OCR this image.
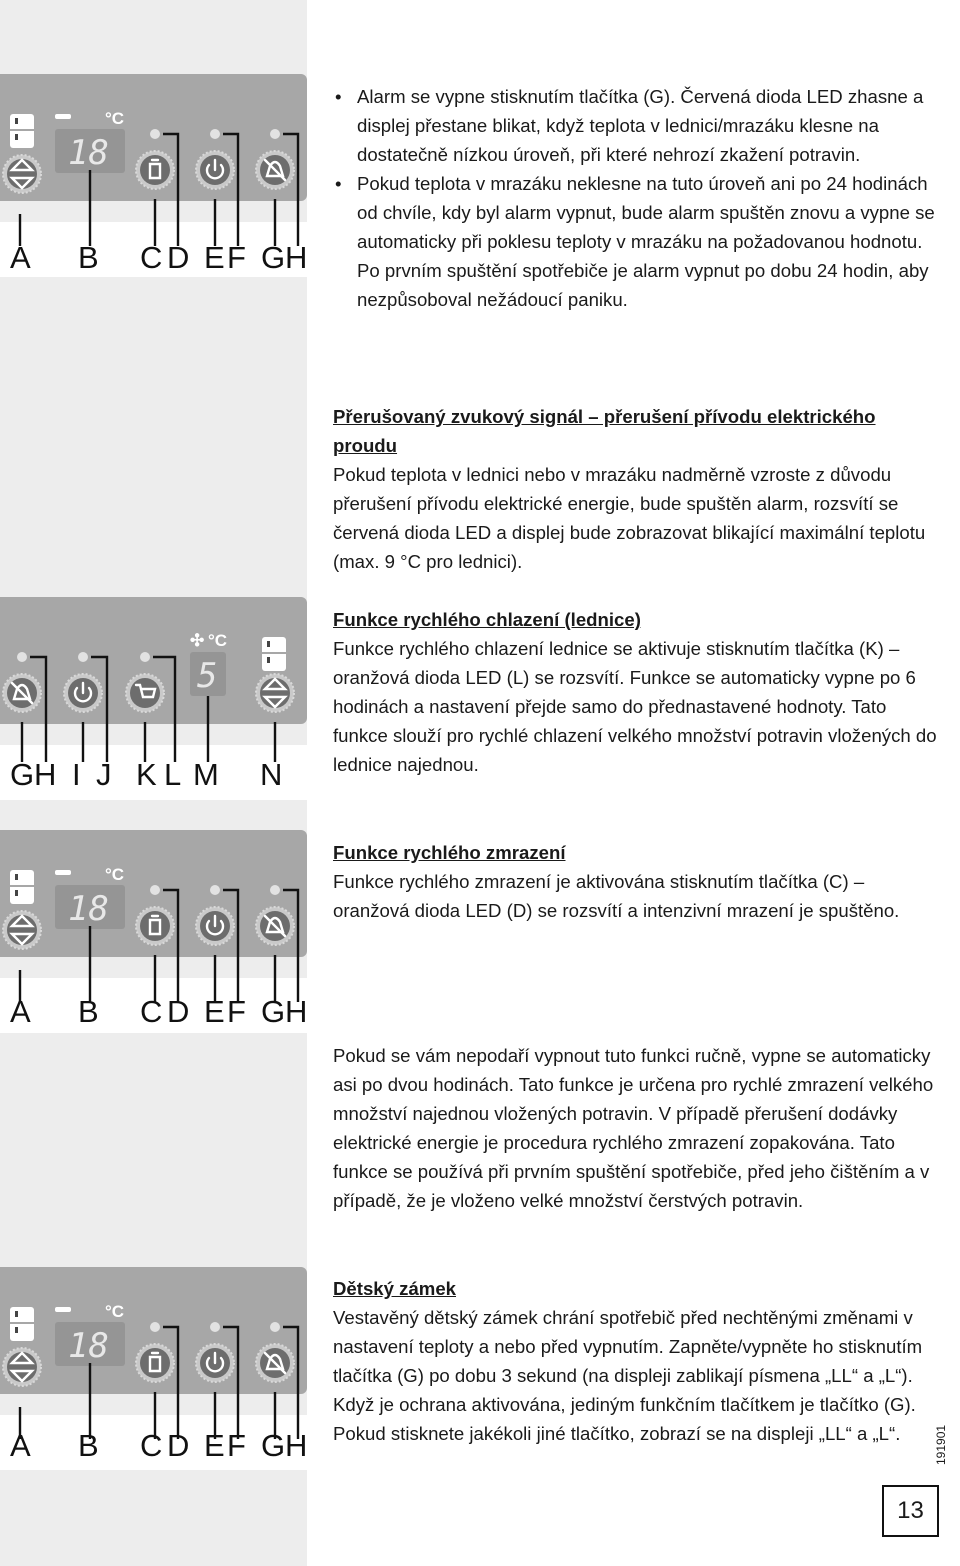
°C
18
A B C D E F G H
✣ °C
5
G H I J K L M N
°C
18
A B C D E F G H
°C
18
A B C D E F G H
• Alarm se vypne stisknutím tlačítka (G). Červená dioda LED zhasne a displej přestane blikat, když teplota v lednici/mrazáku klesne na dostatečně nízkou úroveň, při které nehrozí zkažení potravin.
• Pokud teplota v mrazáku neklesne na tuto úroveň ani po 24 hodinách od chvíle, kdy byl alarm vypnut, bude alarm spuštěn znovu a vypne se automaticky při poklesu teploty v mrazáku na požadovanou hodnotu. Po prvním spuštění spotřebiče je alarm vypnut po dobu 24 hodin, aby nezpůsoboval nežádoucí paniku.

Přerušovaný zvukový signál – přerušení přívodu elektrického proudu

Pokud teplota v lednici nebo v mrazáku nadměrně vzroste z důvodu přerušení přívodu elektrické energie, bude spuštěn alarm, rozsvítí se červená dioda LED a displej bude zobrazovat blikající maximální teplotu (max. 9 °C pro lednici).

Funkce rychlého chlazení (lednice)

Funkce rychlého chlazení lednice se aktivuje stisknutím tlačítka (K) – oranžová dioda LED (L) se rozsvítí. Funkce se automaticky vypne po 6 hodinách a nastavení přejde samo do přednastavené hodnoty. Tato funkce slouží pro rychlé chlazení velkého množství potravin vložených do lednice najednou.

Funkce rychlého zmrazení

Funkce rychlého zmrazení je aktivována stisknutím tlačítka (C) – oranžová dioda LED (D) se rozsvítí a intenzivní mrazení je spuštěno.

Pokud se vám nepodaří vypnout tuto funkci ručně, vypne se automaticky asi po dvou hodinách. Tato funkce je určena pro rychlé zmrazení velkého množství najednou vložených potravin. V případě přerušení dodávky elektrické energie je procedura rychlého zmrazení zopakována. Tato funkce se používá při prvním spuštění spotřebiče, před jeho čištěním a v případě, že je vloženo velké množství čerstvých potravin.

Dětský zámek

Vestavěný dětský zámek chrání spotřebič před nechtěnými změnami v nastavení teploty a nebo před vypnutím. Zapněte/vypněte ho stisknutím tlačítka (G) po dobu 3 sekund (na displeji zablikají písmena „LL“ a „L“). Když je ochrana aktivována, jediným funkčním tlačítkem je tlačítko (G). Pokud stisknete jakékoli jiné tlačítko, zobrazí se na displeji „LL“ a „L“.	191901
13
